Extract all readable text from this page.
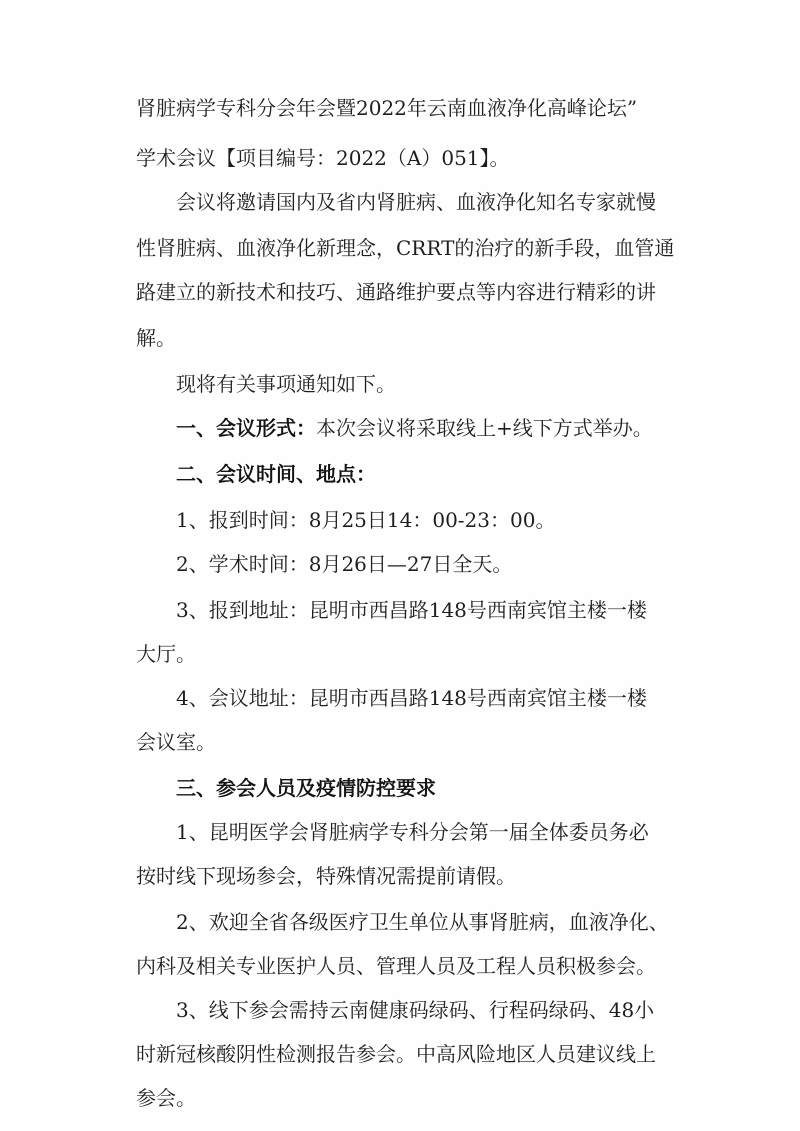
肾脏病学专科分会年会暨2022年云南血液净化高峰论坛”
学术会议【项目编号：2022（A）051】。
会议将邀请国内及省内肾脏病、血液净化知名专家就慢
性肾脏病、血液净化新理念，CRRT的治疗的新手段，血管通
路建立的新技术和技巧、通路维护要点等内容进行精彩的讲
解。
现将有关事项通知如下。
一、会议形式：本次会议将采取线上+线下方式举办。
二、会议时间、地点：
1、报到时间：8月25日14：00-23：00。
2、学术时间：8月26日—27日全天。
3、报到地址：昆明市西昌路148号西南宾馆主楼一楼
大厅。
4、会议地址：昆明市西昌路148号西南宾馆主楼一楼
会议室。
三、参会人员及疫情防控要求
1、昆明医学会肾脏病学专科分会第一届全体委员务必
按时线下现场参会，特殊情况需提前请假。
2、欢迎全省各级医疗卫生单位从事肾脏病，血液净化、
内科及相关专业医护人员、管理人员及工程人员积极参会。
3、线下参会需持云南健康码绿码、行程码绿码、48小
时新冠核酸阴性检测报告参会。中高风险地区人员建议线上
参会。
